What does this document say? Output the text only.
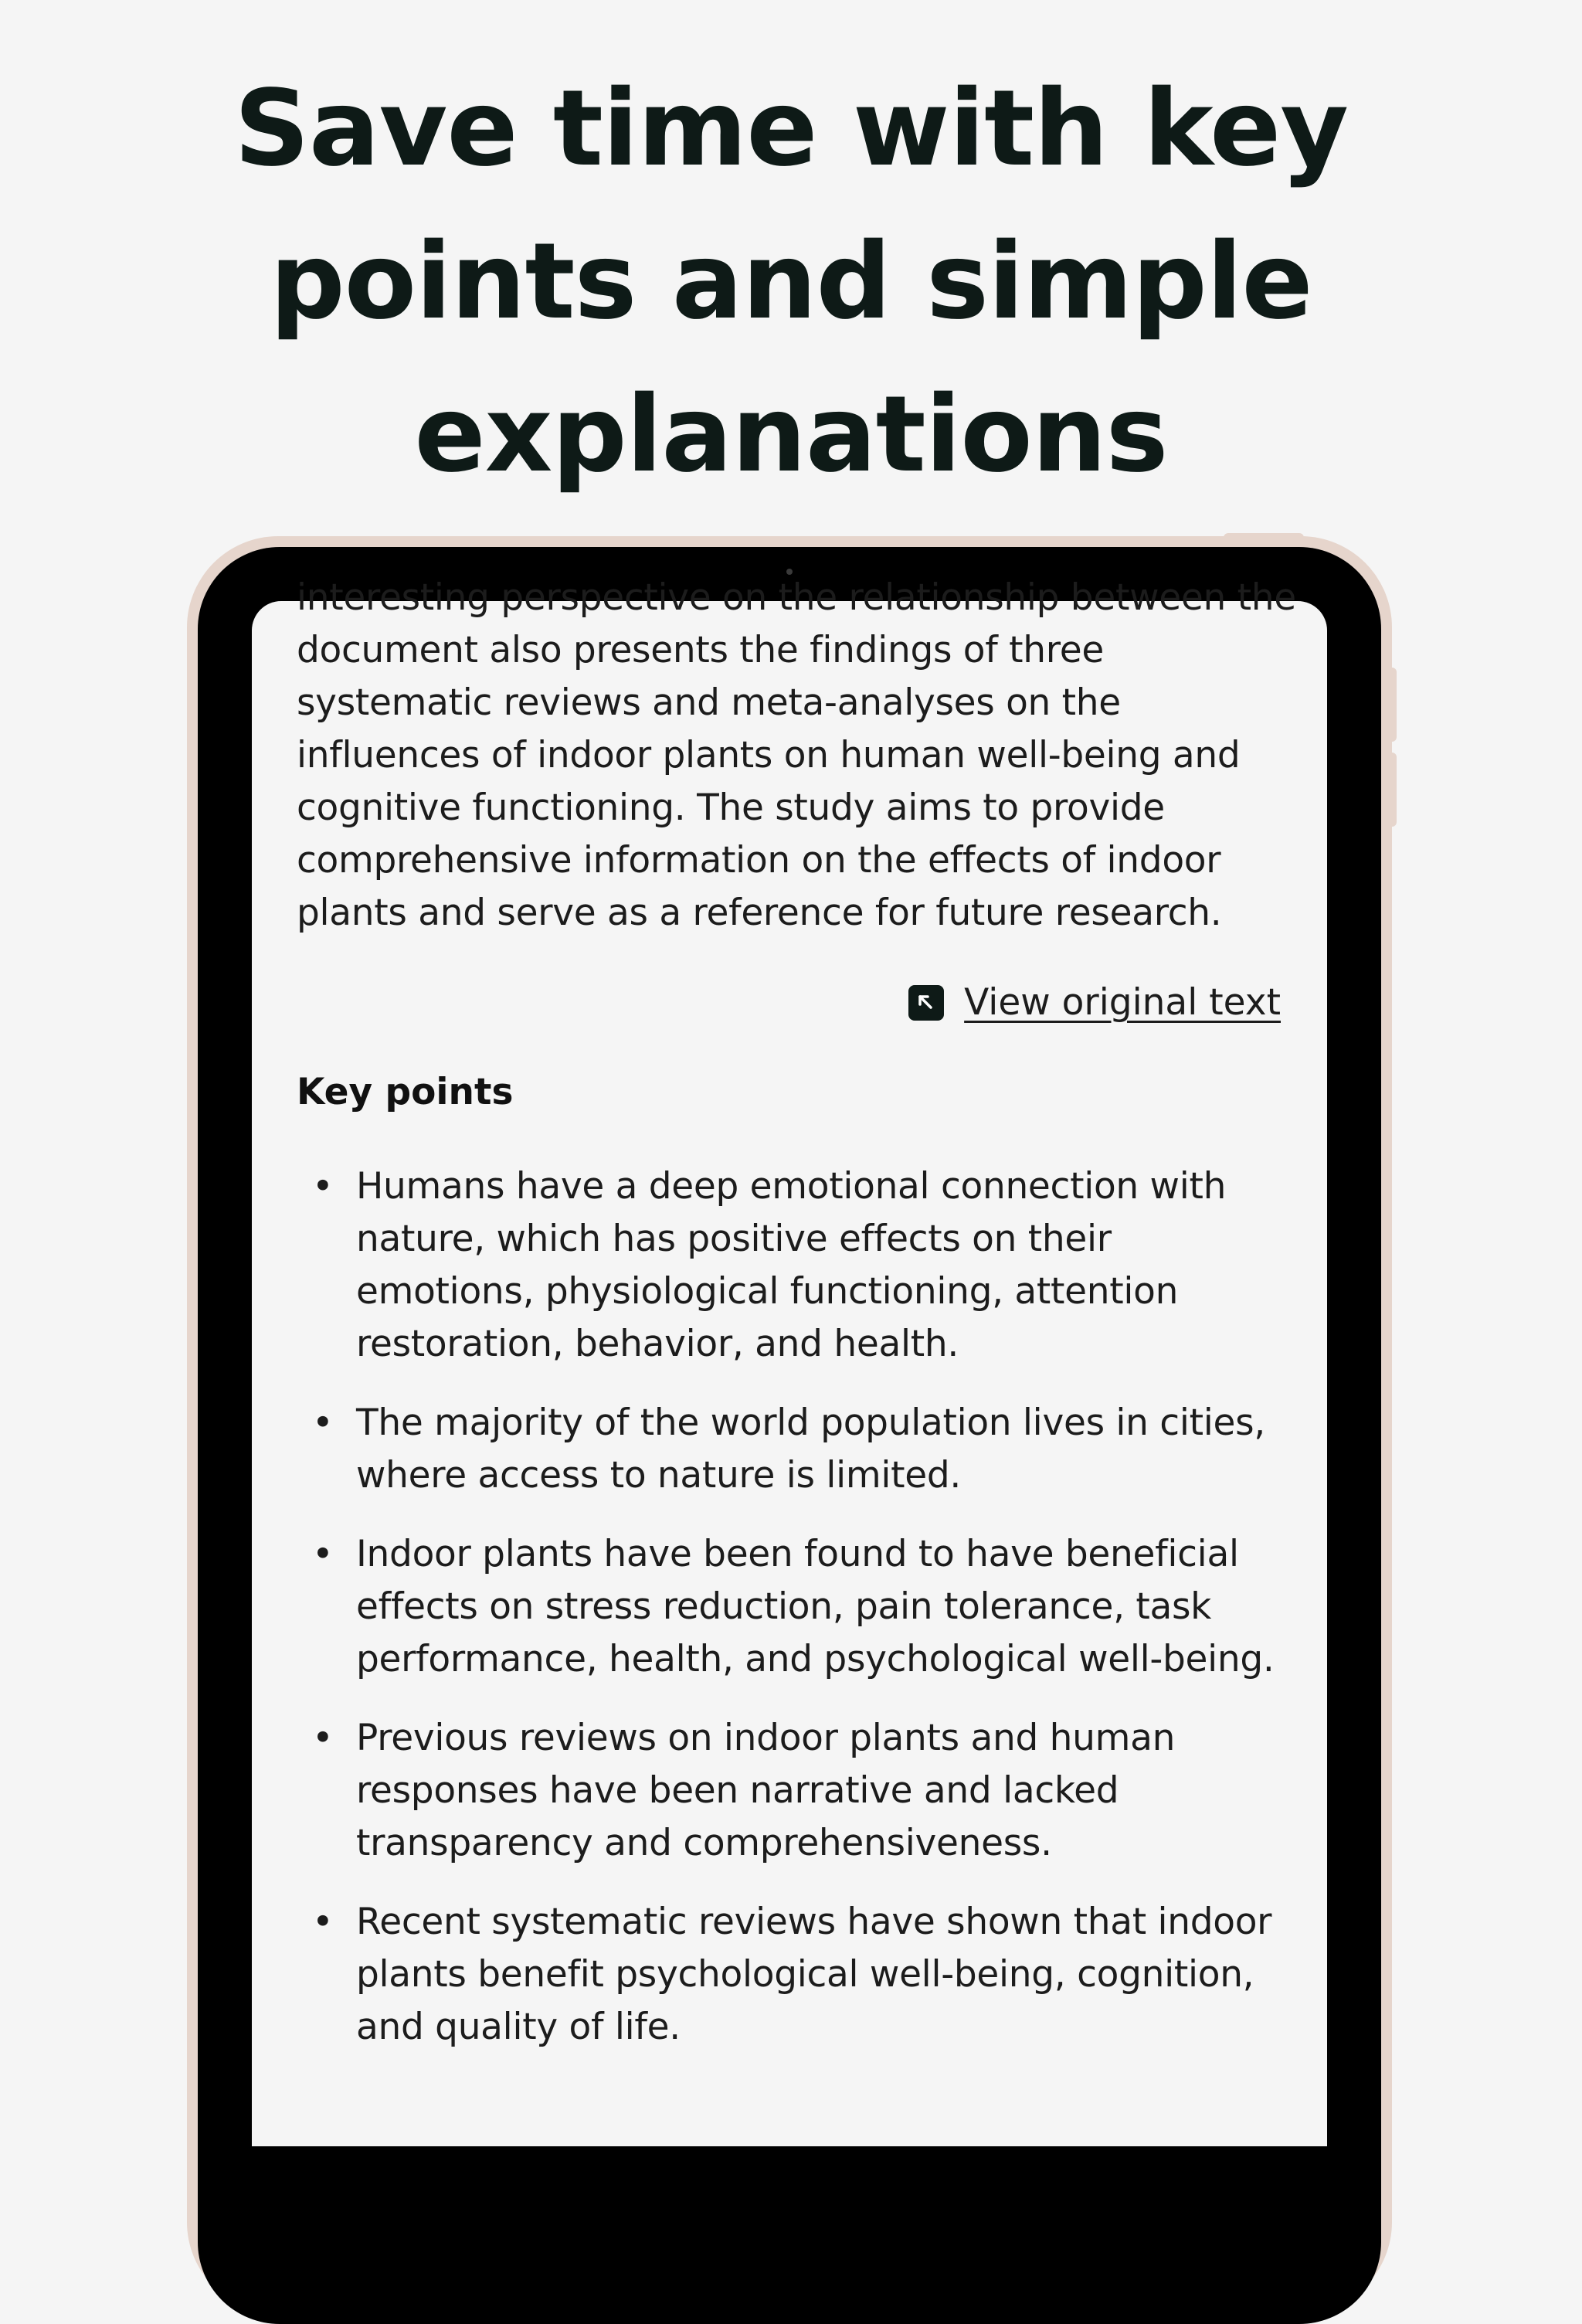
Save time with key
points and simple
explanations

interesting perspective on the relationship between the
document also presents the findings of three
systematic reviews and meta-analyses on the
influences of indoor plants on human well-being and
cognitive functioning. The study aims to provide
comprehensive information on the effects of indoor
plants and serve as a reference for future research.

View original text
Key points
• Humans have a deep emotional connection with
nature, which has positive effects on their
emotions, physiological functioning, attention
restoration, behavior, and health.
• The majority of the world population lives in cities,
where access to nature is limited.
• Indoor plants have been found to have beneficial
effects on stress reduction, pain tolerance, task
performance, health, and psychological well-being.
• Previous reviews on indoor plants and human
responses have been narrative and lacked
transparency and comprehensiveness.
• Recent systematic reviews have shown that indoor
plants benefit psychological well-being, cognition,
and quality of life.
